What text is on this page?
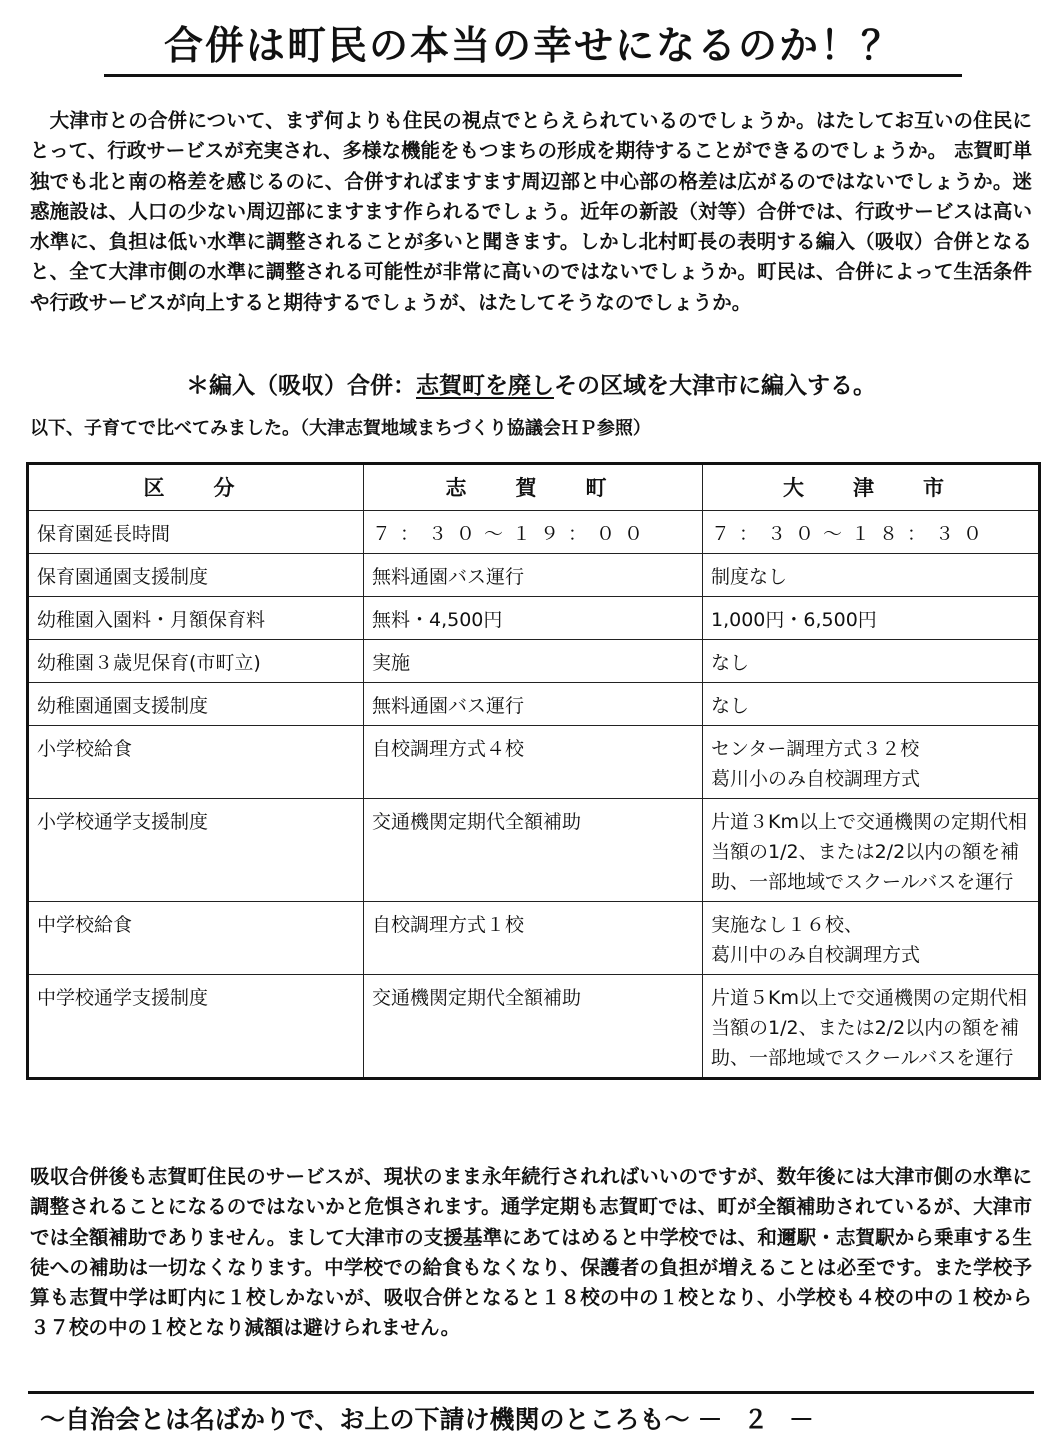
合併は町民の本当の幸せになるのか！？

　大津市との合併について、まず何よりも住民の視点でとらえられているのでしょうか。はたしてお互いの住民にとって、行政サービスが充実され、多様な機能をもつまちの形成を期待することができるのでしょうか。 志賀町単独でも北と南の格差を感じるのに、合併すればますます周辺部と中心部の格差は広がるのではないでしょうか。迷惑施設は、人口の少ない周辺部にますます作られるでしょう。近年の新設（対等）合併では、行政サービスは高い水準に、負担は低い水準に調整されることが多いと聞きます。しかし北村町長の表明する編入（吸収）合併となると、全て大津市側の水準に調整される可能性が非常に高いのではないでしょうか。町民は、合併によって生活条件や行政サービスが向上すると期待するでしょうが、はたしてそうなのでしょうか。

＊編入（吸収）合併：志賀町を廃しその区域を大津市に編入する。
以下、子育てで比べてみました。（大津志賀地域まちづくり協議会ＨＰ参照）
区　分	志　賀　町	大　津　市
保育園延長時間	７：３０～１９：００	７：３０～１８：３０
保育園通園支援制度	無料通園バス運行	制度なし
幼稚園入園料・月額保育料	無料・4,500円	1,000円・6,500円
幼稚園３歳児保育(市町立)	実施	なし
幼稚園通園支援制度	無料通園バス運行	なし
小学校給食	自校調理方式４校	センター調理方式３２校
葛川小のみ自校調理方式
小学校通学支援制度	交通機関定期代全額補助	片道３Km以上で交通機関の定期代相当額の1/2、または2/2以内の額を補助、一部地域でスクールバスを運行
中学校給食	自校調理方式１校	実施なし１６校、
葛川中のみ自校調理方式
中学校通学支援制度	交通機関定期代全額補助	片道５Km以上で交通機関の定期代相当額の1/2、または2/2以内の額を補助、一部地域でスクールバスを運行

吸収合併後も志賀町住民のサービスが、現状のまま永年続行されればいいのですが、数年後には大津市側の水準に調整されることになるのではないかと危惧されます。通学定期も志賀町では、町が全額補助されているが、大津市では全額補助でありません。まして大津市の支援基準にあてはめると中学校では、和邇駅・志賀駅から乗車する生徒への補助は一切なくなります。中学校での給食もなくなり、保護者の負担が増えることは必至です。また学校予算も志賀中学は町内に１校しかないが、吸収合併となると１８校の中の１校となり、小学校も４校の中の１校から３７校の中の１校となり減額は避けられません。

～自治会とは名ばかりで、お上の下請け機関のところも～ － ２ －
